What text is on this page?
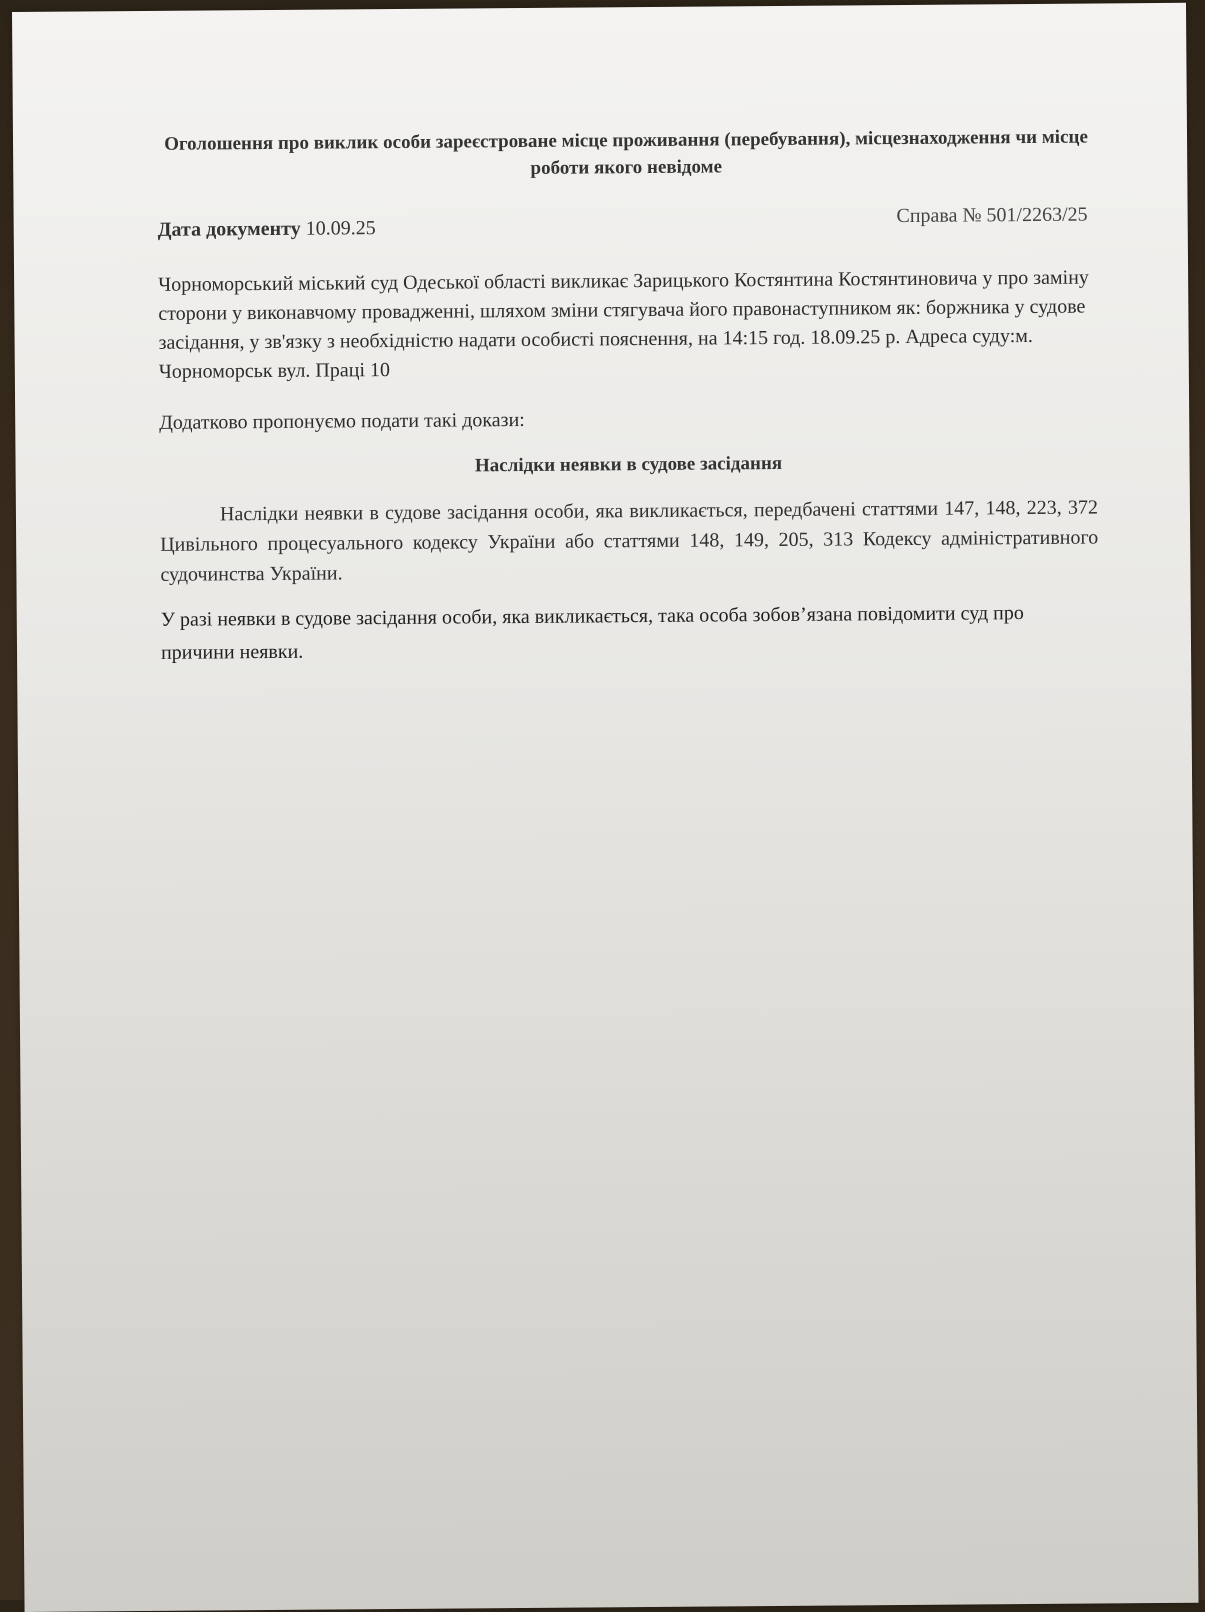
Оголошення про виклик особи зареєстроване місце проживання (перебування), місцезнаходження чи місце роботи якого невідоме

Дата документу 10.09.25
Справа № 501/2263/25

Чорноморський міський суд Одеської області викликає Зарицького Костянтина Костянтиновича у про заміну сторони у виконавчому провадженні, шляхом зміни стягувача його правонаступником як: боржника у судове засідання, у зв'язку з необхідністю надати особисті пояснення, на 14:15 год. 18.09.25 р. Адреса суду:м. Чорноморськ вул. Праці 10

Додатково пропонуємо подати такі докази:

Наслідки неявки в судове засідання

Наслідки неявки в судове засідання особи, яка викликається, передбачені статтями 147, 148, 223, 372 Цивільного процесуального кодексу України або статтями 148, 149, 205, 313 Кодексу адміністративного судочинства України.

У разі неявки в судове засідання особи, яка викликається, така особа зобов’язана повідомити суд про причини неявки.
